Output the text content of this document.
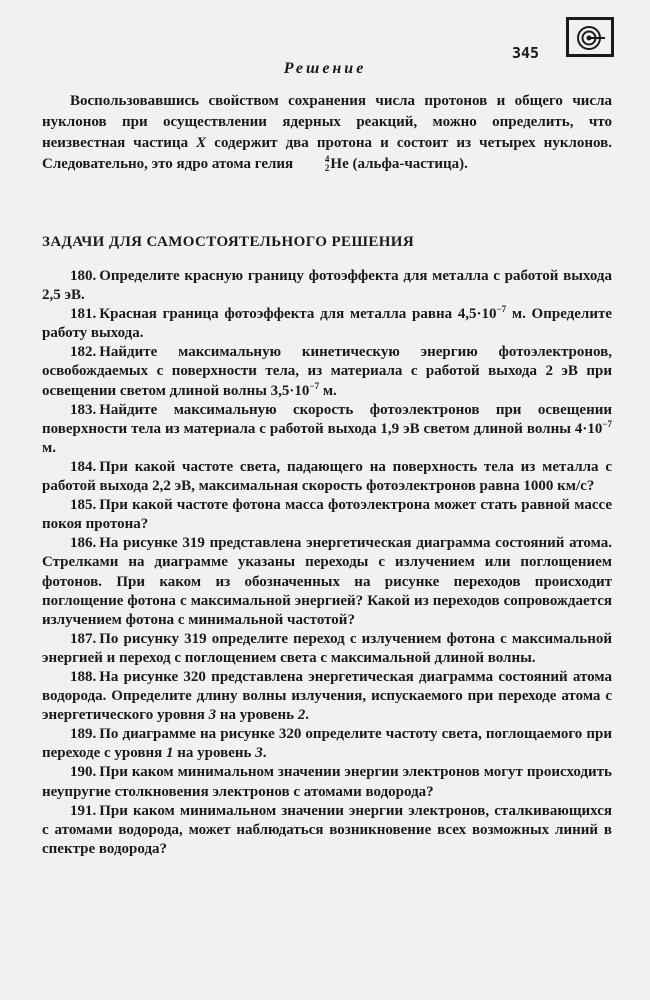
345
Решение

Воспользовавшись свойством сохранения числа протонов и общего числа нуклонов при осуществлении ядерных реакций, можно определить, что неизвестная частица X содержит два протона и состоит из четырех нуклонов. Следовательно, это ядро атома гелия	4
2 He (альфа-частица).

ЗАДАЧИ ДЛЯ САМОСТОЯТЕЛЬНОГО РЕШЕНИЯ

180. Определите красную границу фотоэффекта для металла с работой выхода 2,5 эВ.

181. Красная граница фотоэффекта для металла равна $4,5\cdot 10^{-7}$ м. Определите работу выхода.

182. Найдите максимальную кинетическую энергию фотоэлектронов, освобождаемых с поверхности тела, из материала с работой выхода 2 эВ при освещении светом длиной волны $3,5\cdot 10^{-7}$ м.

183. Найдите максимальную скорость фотоэлектронов при освещении поверхности тела из материала с работой выхода 1,9 эВ светом длиной волны $4\cdot 10^{-7}$ м.

184. При какой частоте света, падающего на поверхность тела из металла с работой выхода 2,2 эВ, максимальная скорость фотоэлектронов равна 1000 км/с?

185. При какой частоте фотона масса фотоэлектрона может стать равной массе покоя протона?

186. На рисунке 319 представлена энергетическая диаграмма состояний атома. Стрелками на диаграмме указаны переходы с излучением или поглощением фотонов. При каком из обозначенных на рисунке переходов происходит поглощение фотона с максимальной энергией? Какой из переходов сопровождается излучением фотона с минимальной частотой?

187. По рисунку 319 определите переход с излучением фотона с максимальной энергией и переход с поглощением света с максимальной длиной волны.

188. На рисунке 320 представлена энергетическая диаграмма состояний атома водорода. Определите длину волны излучения, испускаемого при переходе атома с энергетического уровня 3 на уровень 2.

189. По диаграмме на рисунке 320 определите частоту света, поглощаемого при переходе с уровня 1 на уровень 3.

190. При каком минимальном значении энергии электронов могут происходить неупругие столкновения электронов с атомами водорода?

191. При каком минимальном значении энергии электронов, сталкивающихся с атомами водорода, может наблюдаться возникновение всех возможных линий в спектре водорода?
